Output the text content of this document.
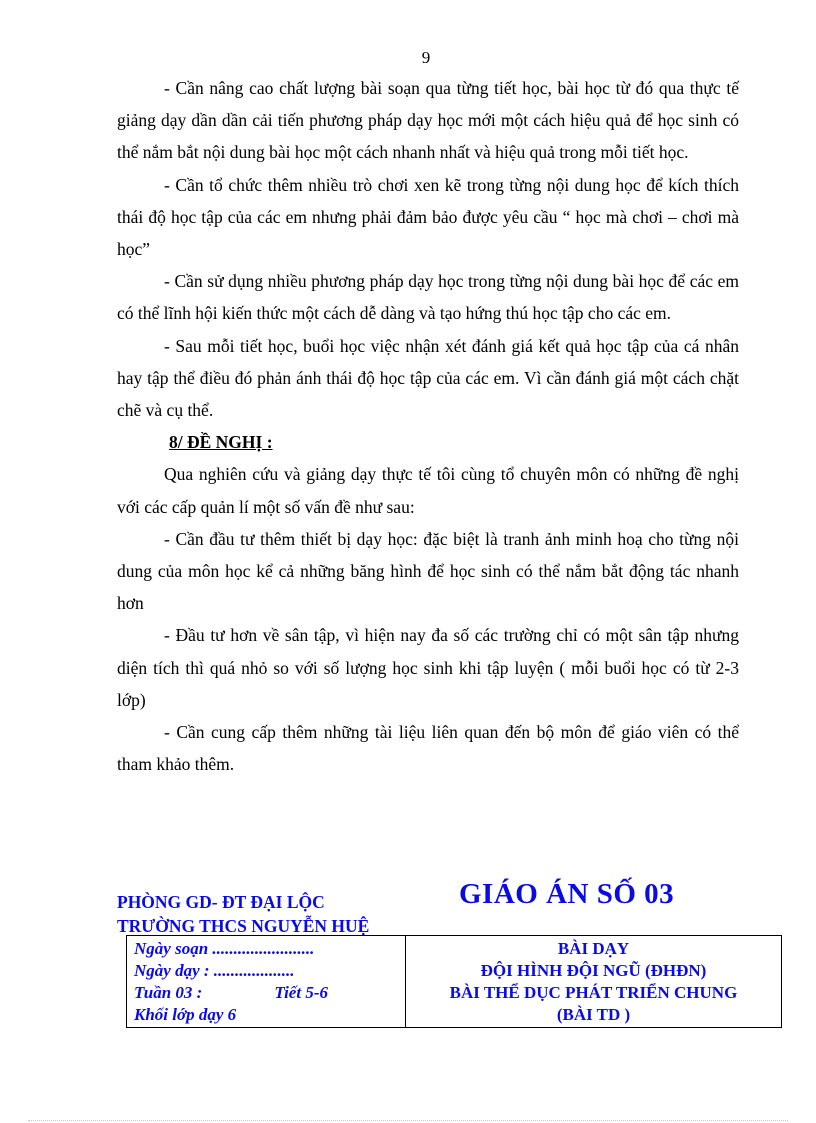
9

- Cần nâng cao chất lượng bài soạn qua từng tiết học, bài học từ đó qua thực tế giảng dạy dần dần cải tiến phương pháp dạy học mới một cách hiệu quả để học sinh có thể nắm bắt nội dung bài học một cách nhanh nhất và hiệu quả trong mỗi tiết học.

- Cần tổ chức thêm nhiều trò chơi xen kẽ trong từng nội dung học để kích thích thái độ học tập của các em nhưng phải đảm bảo được yêu cầu “ học mà chơi – chơi mà học”

- Cần sử dụng nhiều phương pháp dạy học trong từng nội dung bài học để các em có thể lĩnh hội kiến thức một cách dễ dàng và tạo hứng thú học tập cho các em.

- Sau mỗi tiết học, buổi học việc nhận xét đánh giá kết quả học tập của cá nhân hay tập thể điều đó phản ánh thái độ học tập của các em. Vì cần đánh giá một cách chặt chẽ và cụ thể.

8/ ĐỀ NGHỊ :

Qua nghiên cứu và giảng dạy thực tế tôi cùng tổ chuyên môn có những đề nghị với các cấp quản lí một số vấn đề như sau:

- Cần đầu tư thêm thiết bị dạy học: đặc biệt là tranh ảnh minh hoạ cho từng nội dung của môn học kể cả những băng hình để học sinh có thể nắm bắt động tác nhanh hơn

- Đầu tư hơn về sân tập, vì hiện nay đa số các trường chỉ có một sân tập nhưng diện tích thì quá nhỏ so với số lượng học sinh khi tập luyện ( mỗi buổi học có từ 2-3 lớp)

- Cần cung cấp thêm những tài liệu liên quan đến bộ môn để giáo viên có thể tham khảo thêm.

PHÒNG GD- ĐT ĐẠI LỘC
TRƯỜNG THCS NGUYỄN HUỆ
GIÁO ÁN SỐ 03
Ngày soạn ........................
Ngày dạy : ...................
Tuần 03 :	Tiết 5-6
Khối lớp dạy 6
BÀI DẠY
ĐỘI HÌNH ĐỘI NGŨ (ĐHĐN)
BÀI THỂ DỤC PHÁT TRIỂN CHUNG
(BÀI TD )
